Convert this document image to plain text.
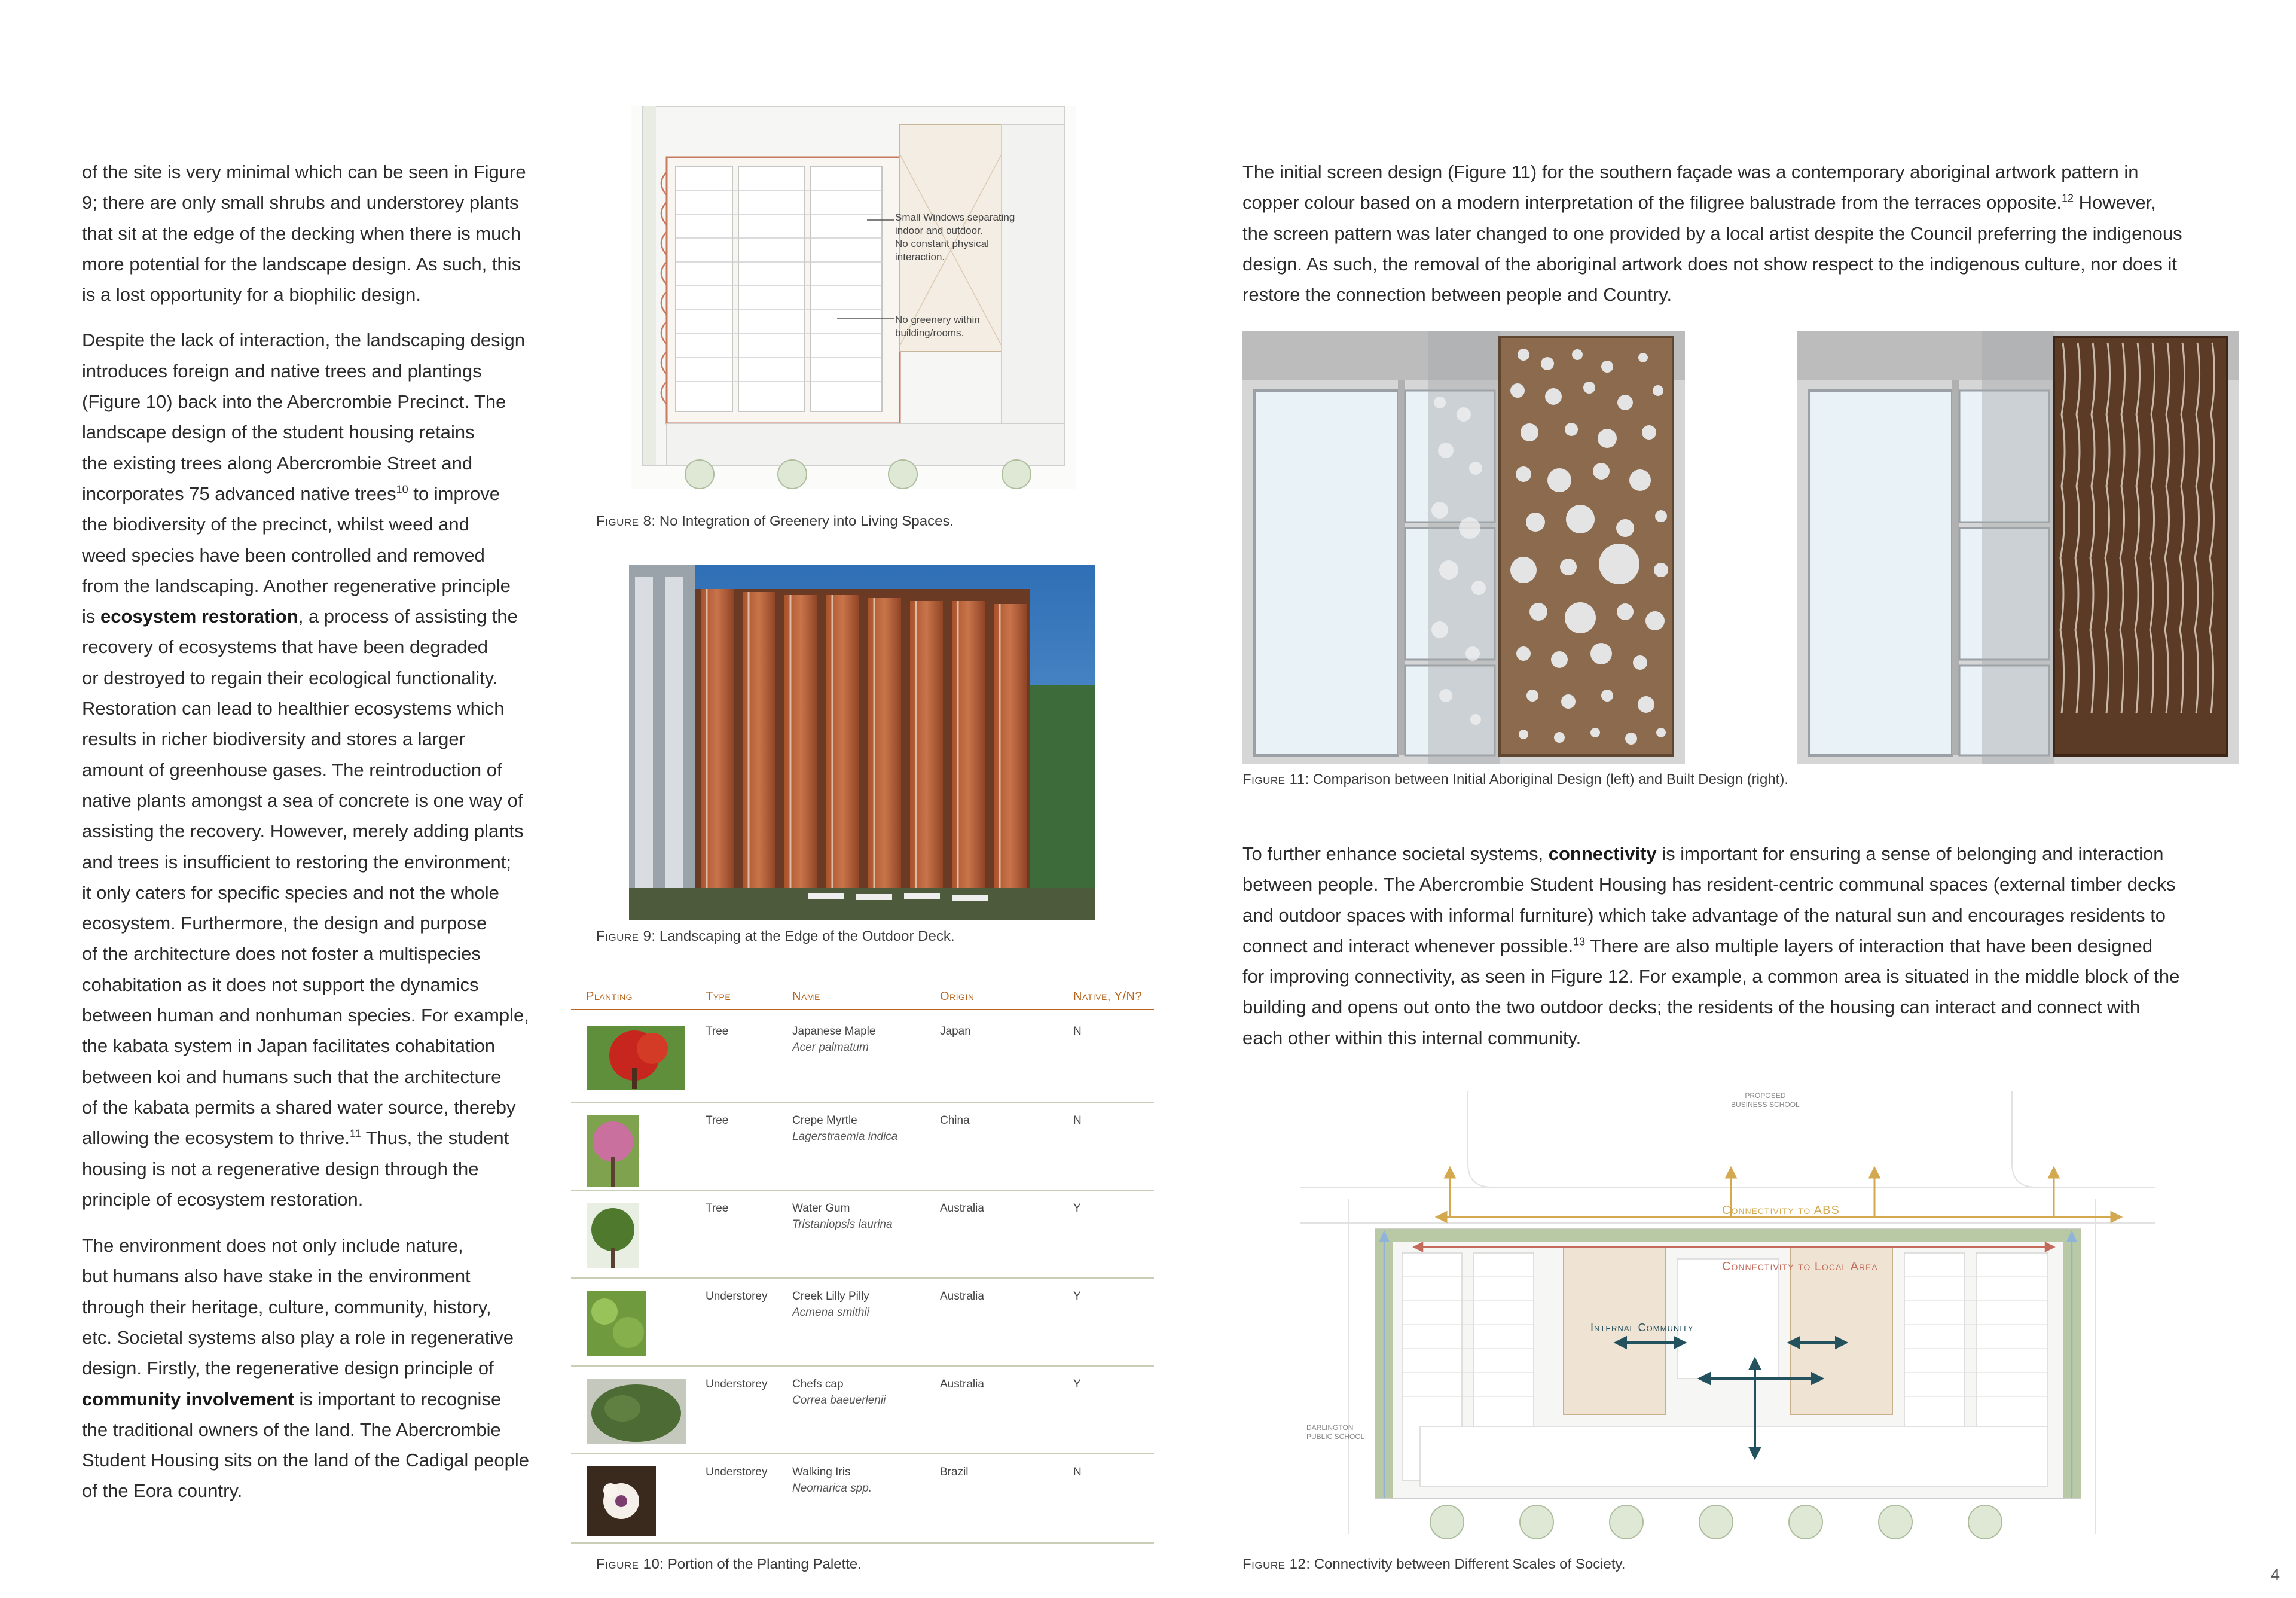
of the site is very minimal which can be seen in Figure
9; there are only small shrubs and understorey plants
that sit at the edge of the decking when there is much
more potential for the landscape design. As such, this
is a lost opportunity for a biophilic design.
Despite the lack of interaction, the landscaping design
introduces foreign and native trees and plantings
(Figure 10) back into the Abercrombie Precinct. The
landscape design of the student housing retains
the existing trees along Abercrombie Street and
incorporates 75 advanced native trees$^{10}$ to improve
the biodiversity of the precinct, whilst weed and
weed species have been controlled and removed
from the landscaping. Another regenerative principle
is ecosystem restoration, a process of assisting the
recovery of ecosystems that have been degraded
or destroyed to regain their ecological functionality.
Restoration can lead to healthier ecosystems which
results in richer biodiversity and stores a larger
amount of greenhouse gases. The reintroduction of
native plants amongst a sea of concrete is one way of
assisting the recovery. However, merely adding plants
and trees is insufficient to restoring the environment;
it only caters for specific species and not the whole
ecosystem. Furthermore, the design and purpose
of the architecture does not foster a multispecies
cohabitation as it does not support the dynamics
between human and nonhuman species. For example,
the kabata system in Japan facilitates cohabitation
between koi and humans such that the architecture
of the kabata permits a shared water source, thereby
allowing the ecosystem to thrive.$^{11}$ Thus, the student
housing is not a regenerative design through the
principle of ecosystem restoration.
The environment does not only include nature,
but humans also have stake in the environment
through their heritage, culture, community, history,
etc. Societal systems also play a role in regenerative
design. Firstly, the regenerative design principle of
community involvement is important to recognise
the traditional owners of the land. The Abercrombie
Student Housing sits on the land of the Cadigal people
of the Eora country.
Small Windows separating
indoor and outdoor.
No constant physical
interaction.
No greenery within
building/rooms.
Figure 8: No Integration of Greenery into Living Spaces.
Figure 9: Landscaping at the Edge of the Outdoor Deck.
Planting	Type	Name	Origin	Native, Y/N?
Tree	Japanese Maple
Acer palmatum
Japan	N
Tree	Crepe Myrtle
Lagerstraemia indica
China	N
Tree	Water Gum
Tristaniopsis laurina
Australia	Y
Understorey Creek Lilly Pilly
Acmena smithii
Australia	Y
Understorey Chefs cap
Correa baeuerlenii
Australia	Y
Understorey Walking Iris
Neomarica spp.
Brazil	N
Figure 10: Portion of the Planting Palette.
The initial screen design (Figure 11) for the southern façade was a contemporary aboriginal artwork pattern in
copper colour based on a modern interpretation of the filigree balustrade from the terraces opposite.$^{12}$ However,
the screen pattern was later changed to one provided by a local artist despite the Council preferring the indigenous
design. As such, the removal of the aboriginal artwork does not show respect to the indigenous culture, nor does it
restore the connection between people and Country.
Figure 11: Comparison between Initial Aboriginal Design (left) and Built Design (right).
To further enhance societal systems, connectivity is important for ensuring a sense of belonging and interaction
between people. The Abercrombie Student Housing has resident-centric communal spaces (external timber decks
and outdoor spaces with informal furniture) which take advantage of the natural sun and encourages residents to
connect and interact whenever possible.$^{13}$ There are also multiple layers of interaction that have been designed
for improving connectivity, as seen in Figure 12. For example, a common area is situated in the middle block of the
building and opens out onto the two outdoor decks; the residents of the housing can interact and connect with
each other within this internal community.
Connectivity to ABS
Connectivity to Local Area
Internal Community
PROPOSED
BUSINESS SCHOOL
DARLINGTON
PUBLIC SCHOOL
Figure 12: Connectivity between Different Scales of Society.
4
